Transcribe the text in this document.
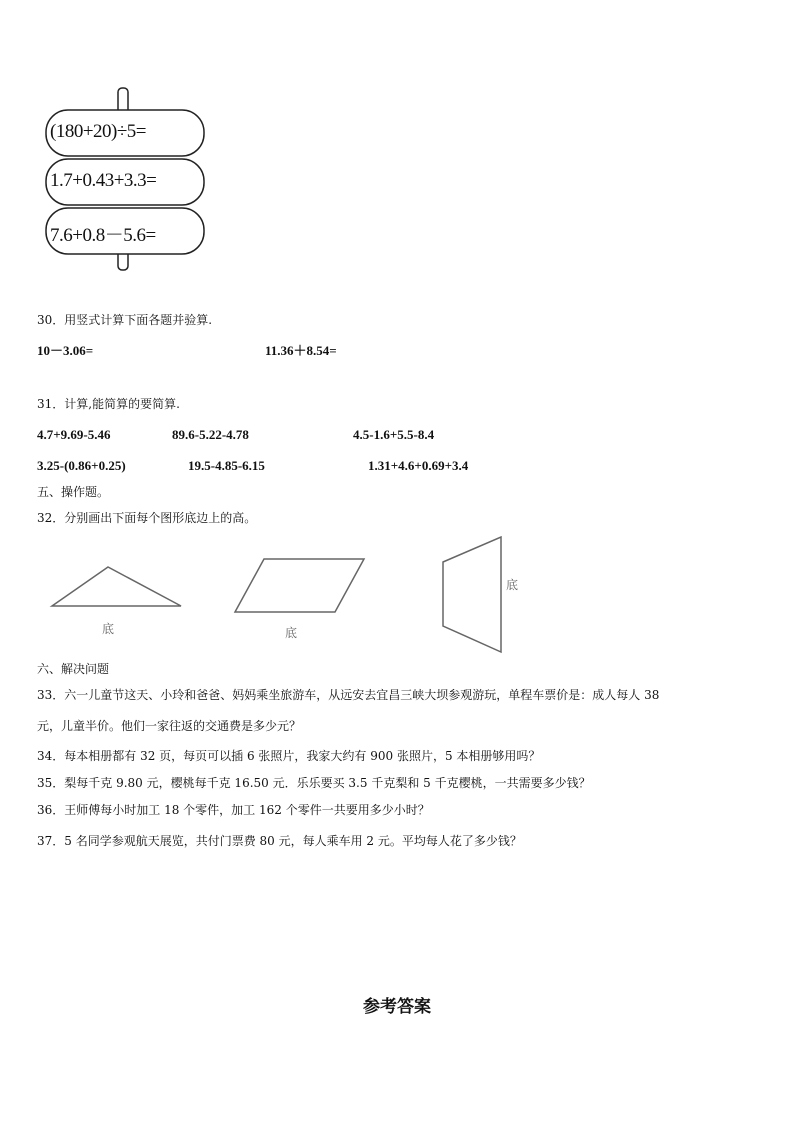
(180+20)÷5=
1.7+0.43+3.3=
7.6+0.8－5.6=
30．用竖式计算下面各题并验算.
10－3.06=	11.36＋8.54=
31．计算,能简算的要简算.
4.7+9.69-5.46	89.6-5.22-4.78	4.5-1.6+5.5-8.4
3.25-(0.86+0.25)	19.5-4.85-6.15	1.31+4.6+0.69+3.4
五、操作题。
32．分别画出下面每个图形底边上的高。
底	底
底
六、解决问题
33．六一儿童节这天、小玲和爸爸、妈妈乘坐旅游车，从远安去宜昌三峡大坝参观游玩，单程车票价是：成人每人 38
元，儿童半价。他们一家往返的交通费是多少元？
34．每本相册都有 32 页，每页可以插 6 张照片，我家大约有 900 张照片，5 本相册够用吗？
35．梨每千克 9.80 元，樱桃每千克 16.50 元．乐乐要买 3.5 千克梨和 5 千克樱桃，一共需要多少钱？
36．王师傅每小时加工 18 个零件，加工 162 个零件一共要用多少小时？
37．5 名同学参观航天展览，共付门票费 80 元，每人乘车用 2 元。平均每人花了多少钱？
参考答案
